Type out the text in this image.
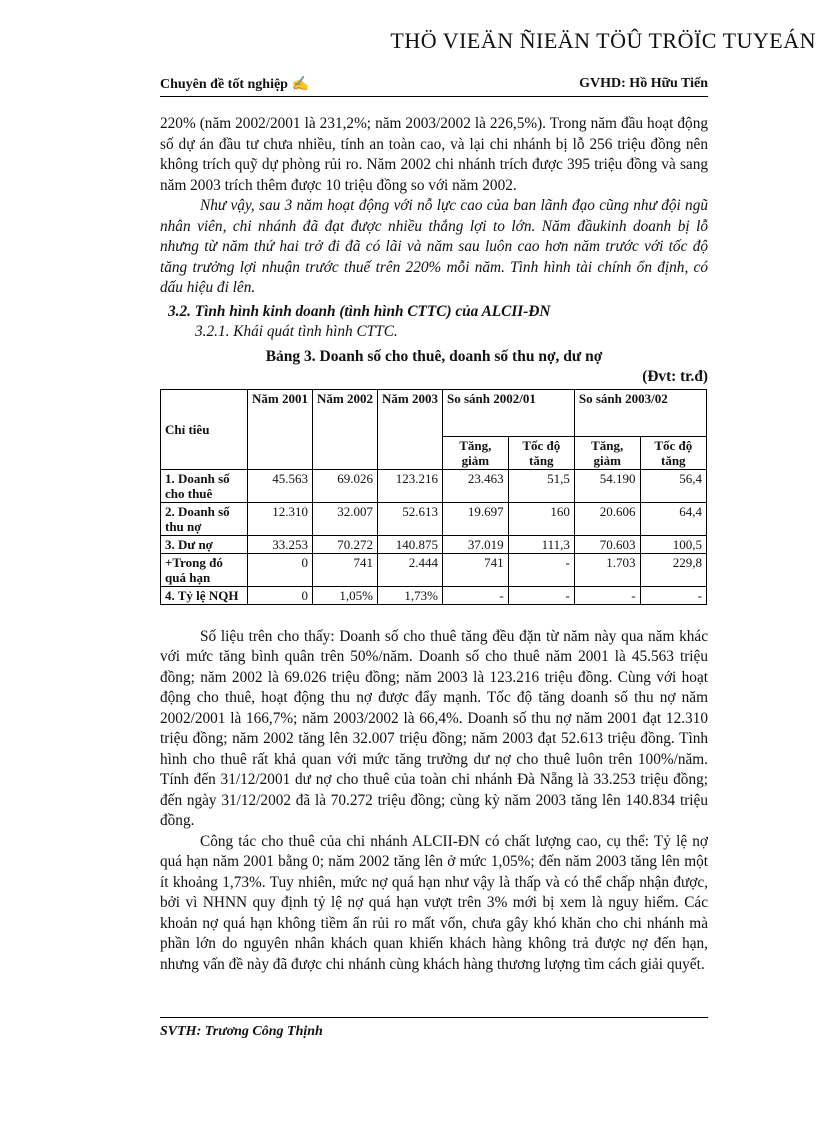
THÖ VIEÄN ÑIEÄN TÖÛ TRÖÏC TUYEÁN
Chuyên đề tốt nghiệp ✍	GVHD: Hồ Hữu Tiến

220% (năm 2002/2001 là 231,2%; năm 2003/2002 là 226,5%). Trong năm đầu hoạt động số dự án đầu tư chưa nhiều, tính an toàn cao, và lại chi nhánh bị lỗ 256 triệu đồng nên không trích quỹ dự phòng rủi ro. Năm 2002 chi nhánh trích được 395 triệu đồng và sang năm 2003 trích thêm được 10 triệu đồng so với năm 2002.

Như vậy, sau 3 năm hoạt động với nỗ lực cao của ban lãnh đạo cũng như đội ngũ nhân viên, chi nhánh đã đạt được nhiều thắng lợi to lớn. Năm đầukinh doanh bị lỗ nhưng từ năm thứ hai trở đi đã có lãi và năm sau luôn cao hơn năm trước với tốc độ tăng trưởng lợi nhuận trước thuế trên 220% mỗi năm. Tình hình tài chính ổn định, có dấu hiệu đi lên.

3.2. Tình hình kinh doanh (tình hình CTTC) của ALCII-ĐN

3.2.1. Khái quát tình hình CTTC.

Bảng 3. Doanh số cho thuê, doanh số thu nợ, dư nợ

(Đvt: tr.đ)

Chỉ tiêu	Năm 2001	Năm 2002	Năm 2003	So sánh 2002/01		So sánh 2003/02	
				Tăng, giảm	Tốc độ tăng	Tăng, giảm	Tốc độ tăng
1. Doanh số cho thuê	45.563	69.026	123.216	23.463	51,5	54.190	56,4
2. Doanh số thu nợ	12.310	32.007	52.613	19.697	160	20.606	64,4
3. Dư nợ	33.253	70.272	140.875	37.019	111,3	70.603	100,5
+Trong đó quá hạn	0	741	2.444	741	-	1.703	229,8
4. Tỷ lệ NQH	0	1,05%	1,73%	-	-	-	-

Số liệu trên cho thấy: Doanh số cho thuê tăng đều đặn từ năm này qua năm khác với mức tăng bình quân trên 50%/năm. Doanh số cho thuê năm 2001 là 45.563 triệu đồng; năm 2002 là 69.026 triệu đồng; năm 2003 là 123.216 triệu đồng. Cùng với hoạt động cho thuê, hoạt động thu nợ được đẩy mạnh. Tốc độ tăng doanh số thu nợ năm 2002/2001 là 166,7%; năm 2003/2002 là 66,4%. Doanh số thu nợ năm 2001 đạt 12.310 triệu đồng; năm 2002 tăng lên 32.007 triệu đồng; năm 2003 đạt 52.613 triệu đồng. Tình hình cho thuê rất khả quan với mức tăng trưởng dư nợ cho thuê luôn trên 100%/năm. Tính đến 31/12/2001 dư nợ cho thuê của toàn chi nhánh Đà Nẵng là 33.253 triệu đồng; đến ngày 31/12/2002 đã là 70.272 triệu đồng; cùng kỳ năm 2003 tăng lên 140.834 triệu đồng.

Công tác cho thuê của chi nhánh ALCII-ĐN có chất lượng cao, cụ thể: Tỷ lệ nợ quá hạn năm 2001 bằng 0; năm 2002 tăng lên ở mức 1,05%; đến năm 2003 tăng lên một ít khoảng 1,73%. Tuy nhiên, mức nợ quá hạn như vậy là thấp và có thể chấp nhận được, bởi vì NHNN quy định tỷ lệ nợ quá hạn vượt trên 3% mới bị xem là nguy hiểm. Các khoản nợ quá hạn không tiềm ẩn rủi ro mất vốn, chưa gây khó khăn cho chi nhánh mà phần lớn do nguyên nhân khách quan khiến khách hàng không trả được nợ đến hạn, nhưng vấn đề này đã được chi nhánh cùng khách hàng thương lượng tìm cách giải quyết.

SVTH: Trương Công Thịnh
